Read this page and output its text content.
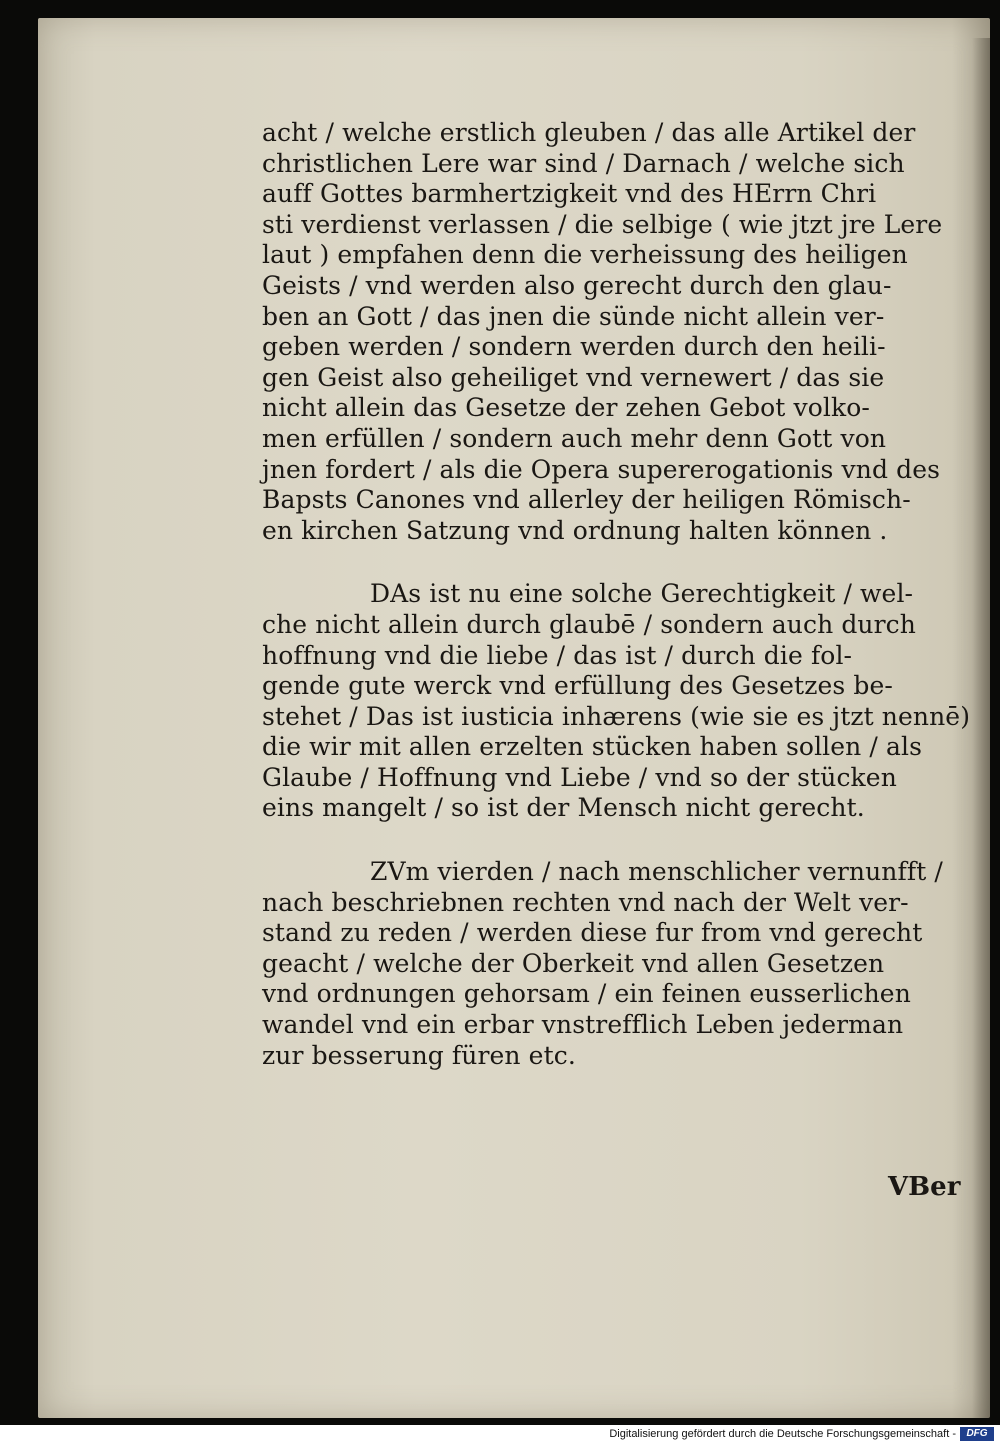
acht / welche erstlich gleuben / das alle Artikel der
christlichen Lere war sind / Darnach / welche sich
auff Gottes barmhertzigkeit vnd des HErrn Chri
sti verdienst verlassen / die selbige ( wie jtzt jre Lere
laut ) empfahen denn die verheissung des heiligen
Geists / vnd werden also gerecht durch den glau-
ben an Gott / das jnen die sünde nicht allein ver-
geben werden / sondern werden durch den heili-
gen Geist also geheiliget vnd vernewert / das sie
nicht allein das Gesetze der zehen Gebot volko-
men erfüllen / sondern auch mehr denn Gott von
jnen fordert / als die Opera supererogationis vnd des
Bapsts Canones vnd allerley der heiligen Römisch-
en kirchen Satzung vnd ordnung halten können .
DAs ist nu eine solche Gerechtigkeit / wel-
che nicht allein durch glaubē / sondern auch durch
hoffnung vnd die liebe / das ist / durch die fol-
gende gute werck vnd erfüllung des Gesetzes be-
stehet / Das ist iusticia inhærens (wie sie es jtzt nennē)
die wir mit allen erzelten stücken haben sollen / als
Glaube / Hoffnung vnd Liebe / vnd so der stücken
eins mangelt / so ist der Mensch nicht gerecht.
ZVm vierden / nach menschlicher vernunfft /
nach beschriebnen rechten vnd nach der Welt ver-
stand zu reden / werden diese fur from vnd gerecht
geacht / welche der Oberkeit vnd allen Gesetzen
vnd ordnungen gehorsam / ein feinen eusserlichen
wandel vnd ein erbar vnstrefflich Leben jederman
zur besserung füren etc.
VBer
Digitalisierung gefördert durch die Deutsche Forschungsgemeinschaft -	DFG
